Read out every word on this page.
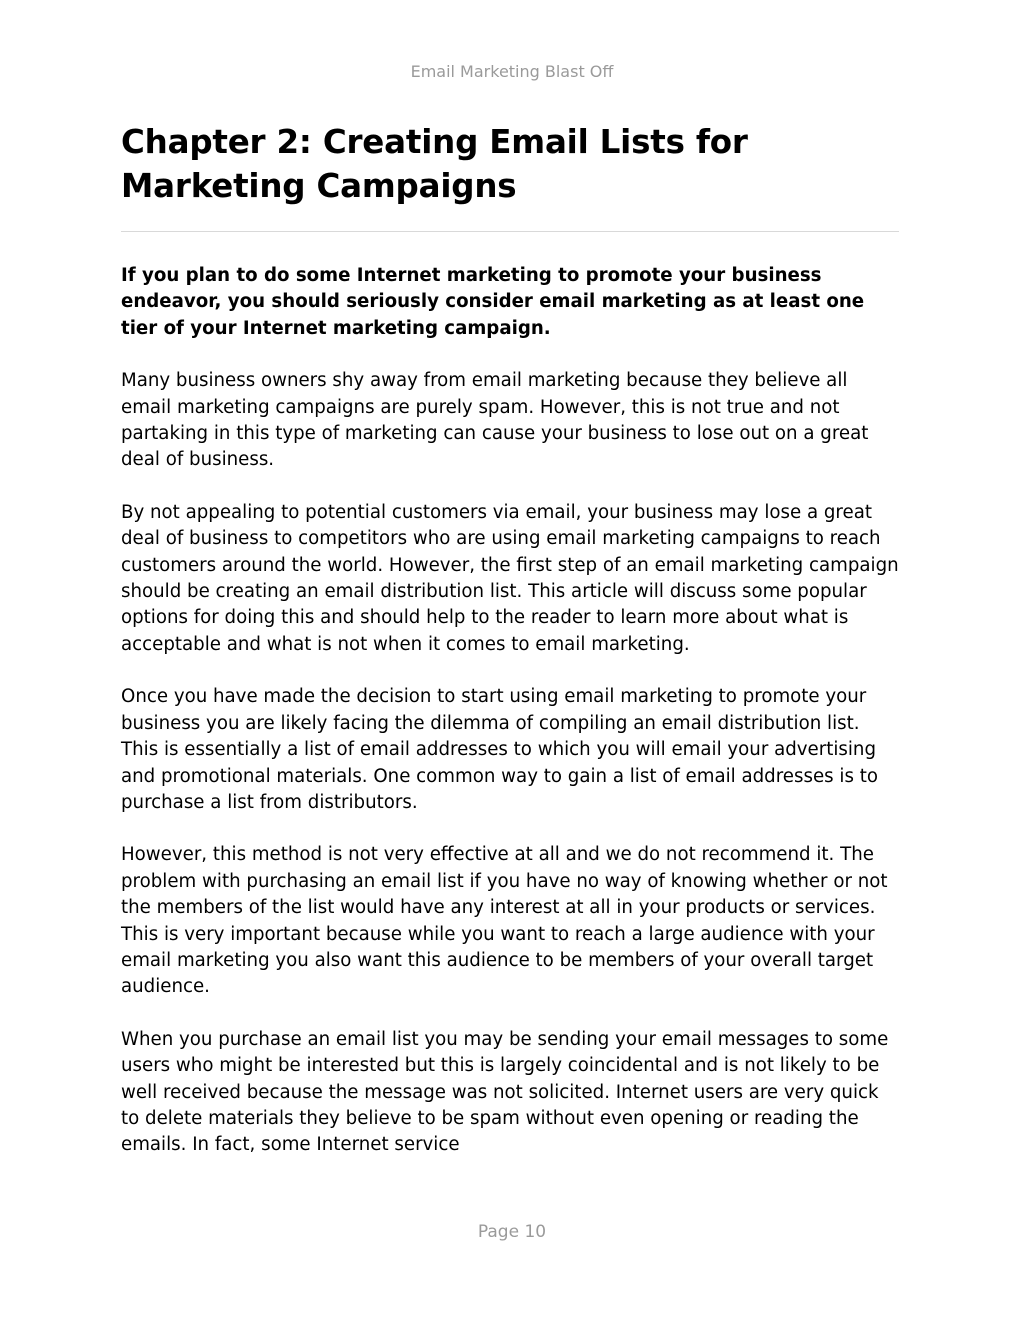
Email Marketing Blast Off
Chapter 2: Creating Email Lists for Marketing Campaigns

If you plan to do some Internet marketing to promote your business endeavor, you should seriously consider email marketing as at least one tier of your Internet marketing campaign.

Many business owners shy away from email marketing because they believe all email marketing campaigns are purely spam. However, this is not true and not partaking in this type of marketing can cause your business to lose out on a great deal of business.

By not appealing to potential customers via email, your business may lose a great deal of business to competitors who are using email marketing campaigns to reach customers around the world. However, the first step of an email marketing campaign should be creating an email distribution list. This article will discuss some popular options for doing this and should help to the reader to learn more about what is acceptable and what is not when it comes to email marketing.

Once you have made the decision to start using email marketing to promote your business you are likely facing the dilemma of compiling an email distribution list. This is essentially a list of email addresses to which you will email your advertising and promotional materials. One common way to gain a list of email addresses is to purchase a list from distributors.

However, this method is not very effective at all and we do not recommend it. The problem with purchasing an email list if you have no way of knowing whether or not the members of the list would have any interest at all in your products or services. This is very important because while you want to reach a large audience with your email marketing you also want this audience to be members of your overall target audience.

When you purchase an email list you may be sending your email messages to some users who might be interested but this is largely coincidental and is not likely to be well received because the message was not solicited. Internet users are very quick to delete materials they believe to be spam without even opening or reading the emails. In fact, some Internet service

Page 10
